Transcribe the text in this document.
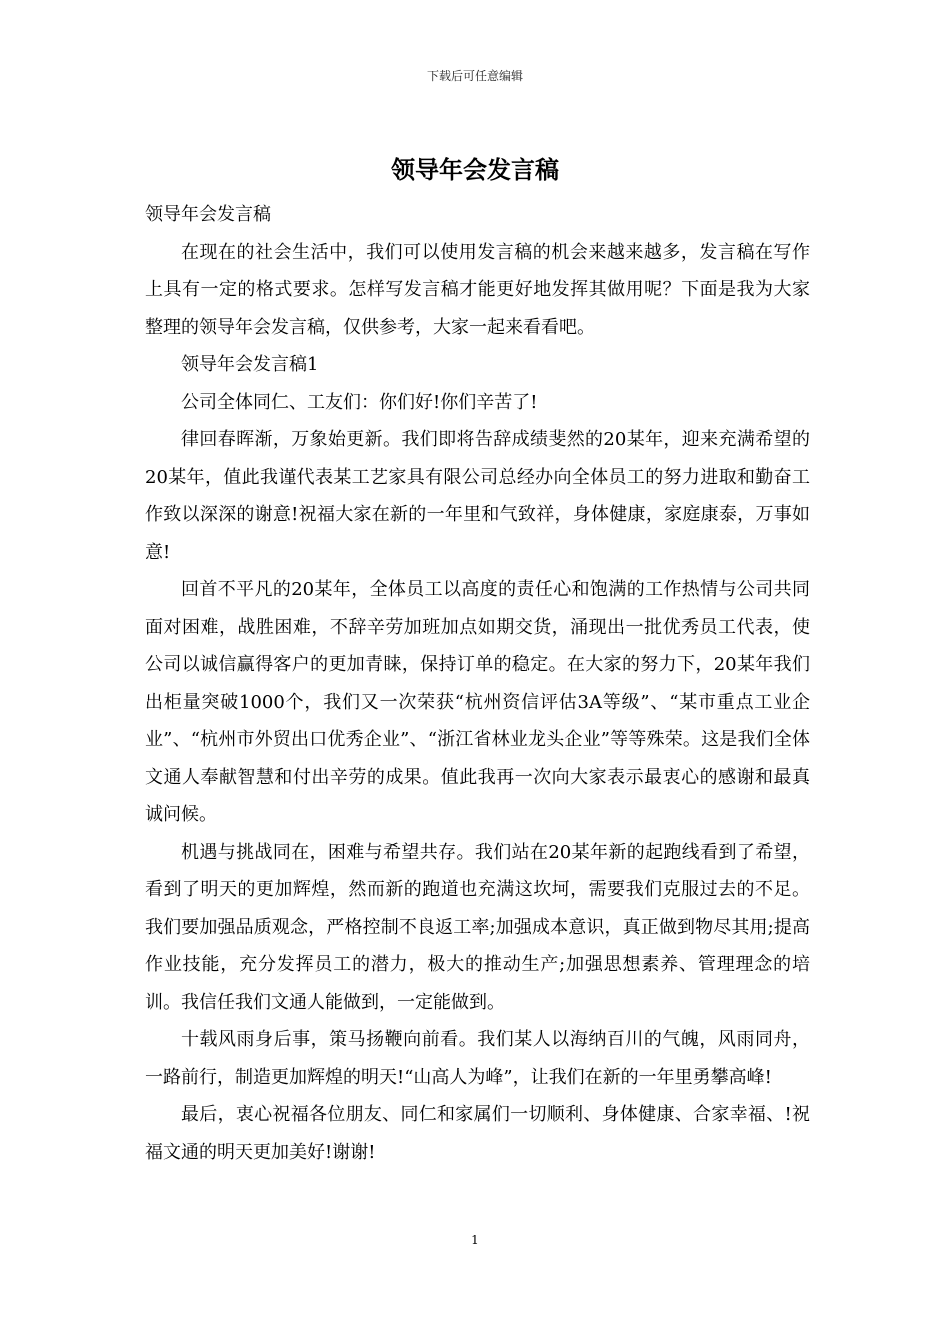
下载后可任意编辑
领导年会发言稿

领导年会发言稿

在现在的社会生活中，我们可以使用发言稿的机会来越来越多，发言稿在写作上具有一定的格式要求。怎样写发言稿才能更好地发挥其做用呢？下面是我为大家整理的领导年会发言稿，仅供参考，大家一起来看看吧。

领导年会发言稿1

公司全体同仁、工友们：你们好!你们辛苦了!

律回春晖渐，万象始更新。我们即将告辞成绩斐然的20某年，迎来充满希望的20某年，值此我谨代表某工艺家具有限公司总经办向全体员工的努力进取和勤奋工作致以深深的谢意!祝福大家在新的一年里和气致祥，身体健康，家庭康泰，万事如意!

回首不平凡的20某年，全体员工以高度的责任心和饱满的工作热情与公司共同面对困难，战胜困难，不辞辛劳加班加点如期交货，涌现出一批优秀员工代表，使公司以诚信赢得客户的更加青睐，保持订单的稳定。在大家的努力下，20某年我们出柜量突破1000个，我们又一次荣获“杭州资信评估3A等级”、“某市重点工业企业”、“杭州市外贸出口优秀企业”、“浙江省林业龙头企业”等等殊荣。这是我们全体文通人奉献智慧和付出辛劳的成果。值此我再一次向大家表示最衷心的感谢和最真诚问候。

机遇与挑战同在，困难与希望共存。我们站在20某年新的起跑线看到了希望，看到了明天的更加辉煌，然而新的跑道也充满这坎坷，需要我们克服过去的不足。我们要加强品质观念，严格控制不良返工率;加强成本意识，真正做到物尽其用;提高作业技能，充分发挥员工的潜力，极大的推动生产;加强思想素养、管理理念的培训。我信任我们文通人能做到，一定能做到。

十载风雨身后事，策马扬鞭向前看。我们某人以海纳百川的气魄，风雨同舟，一路前行，制造更加辉煌的明天!“山高人为峰”，让我们在新的一年里勇攀高峰!

最后，衷心祝福各位朋友、同仁和家属们一切顺利、身体健康、合家幸福、!祝福文通的明天更加美好!谢谢!

1
